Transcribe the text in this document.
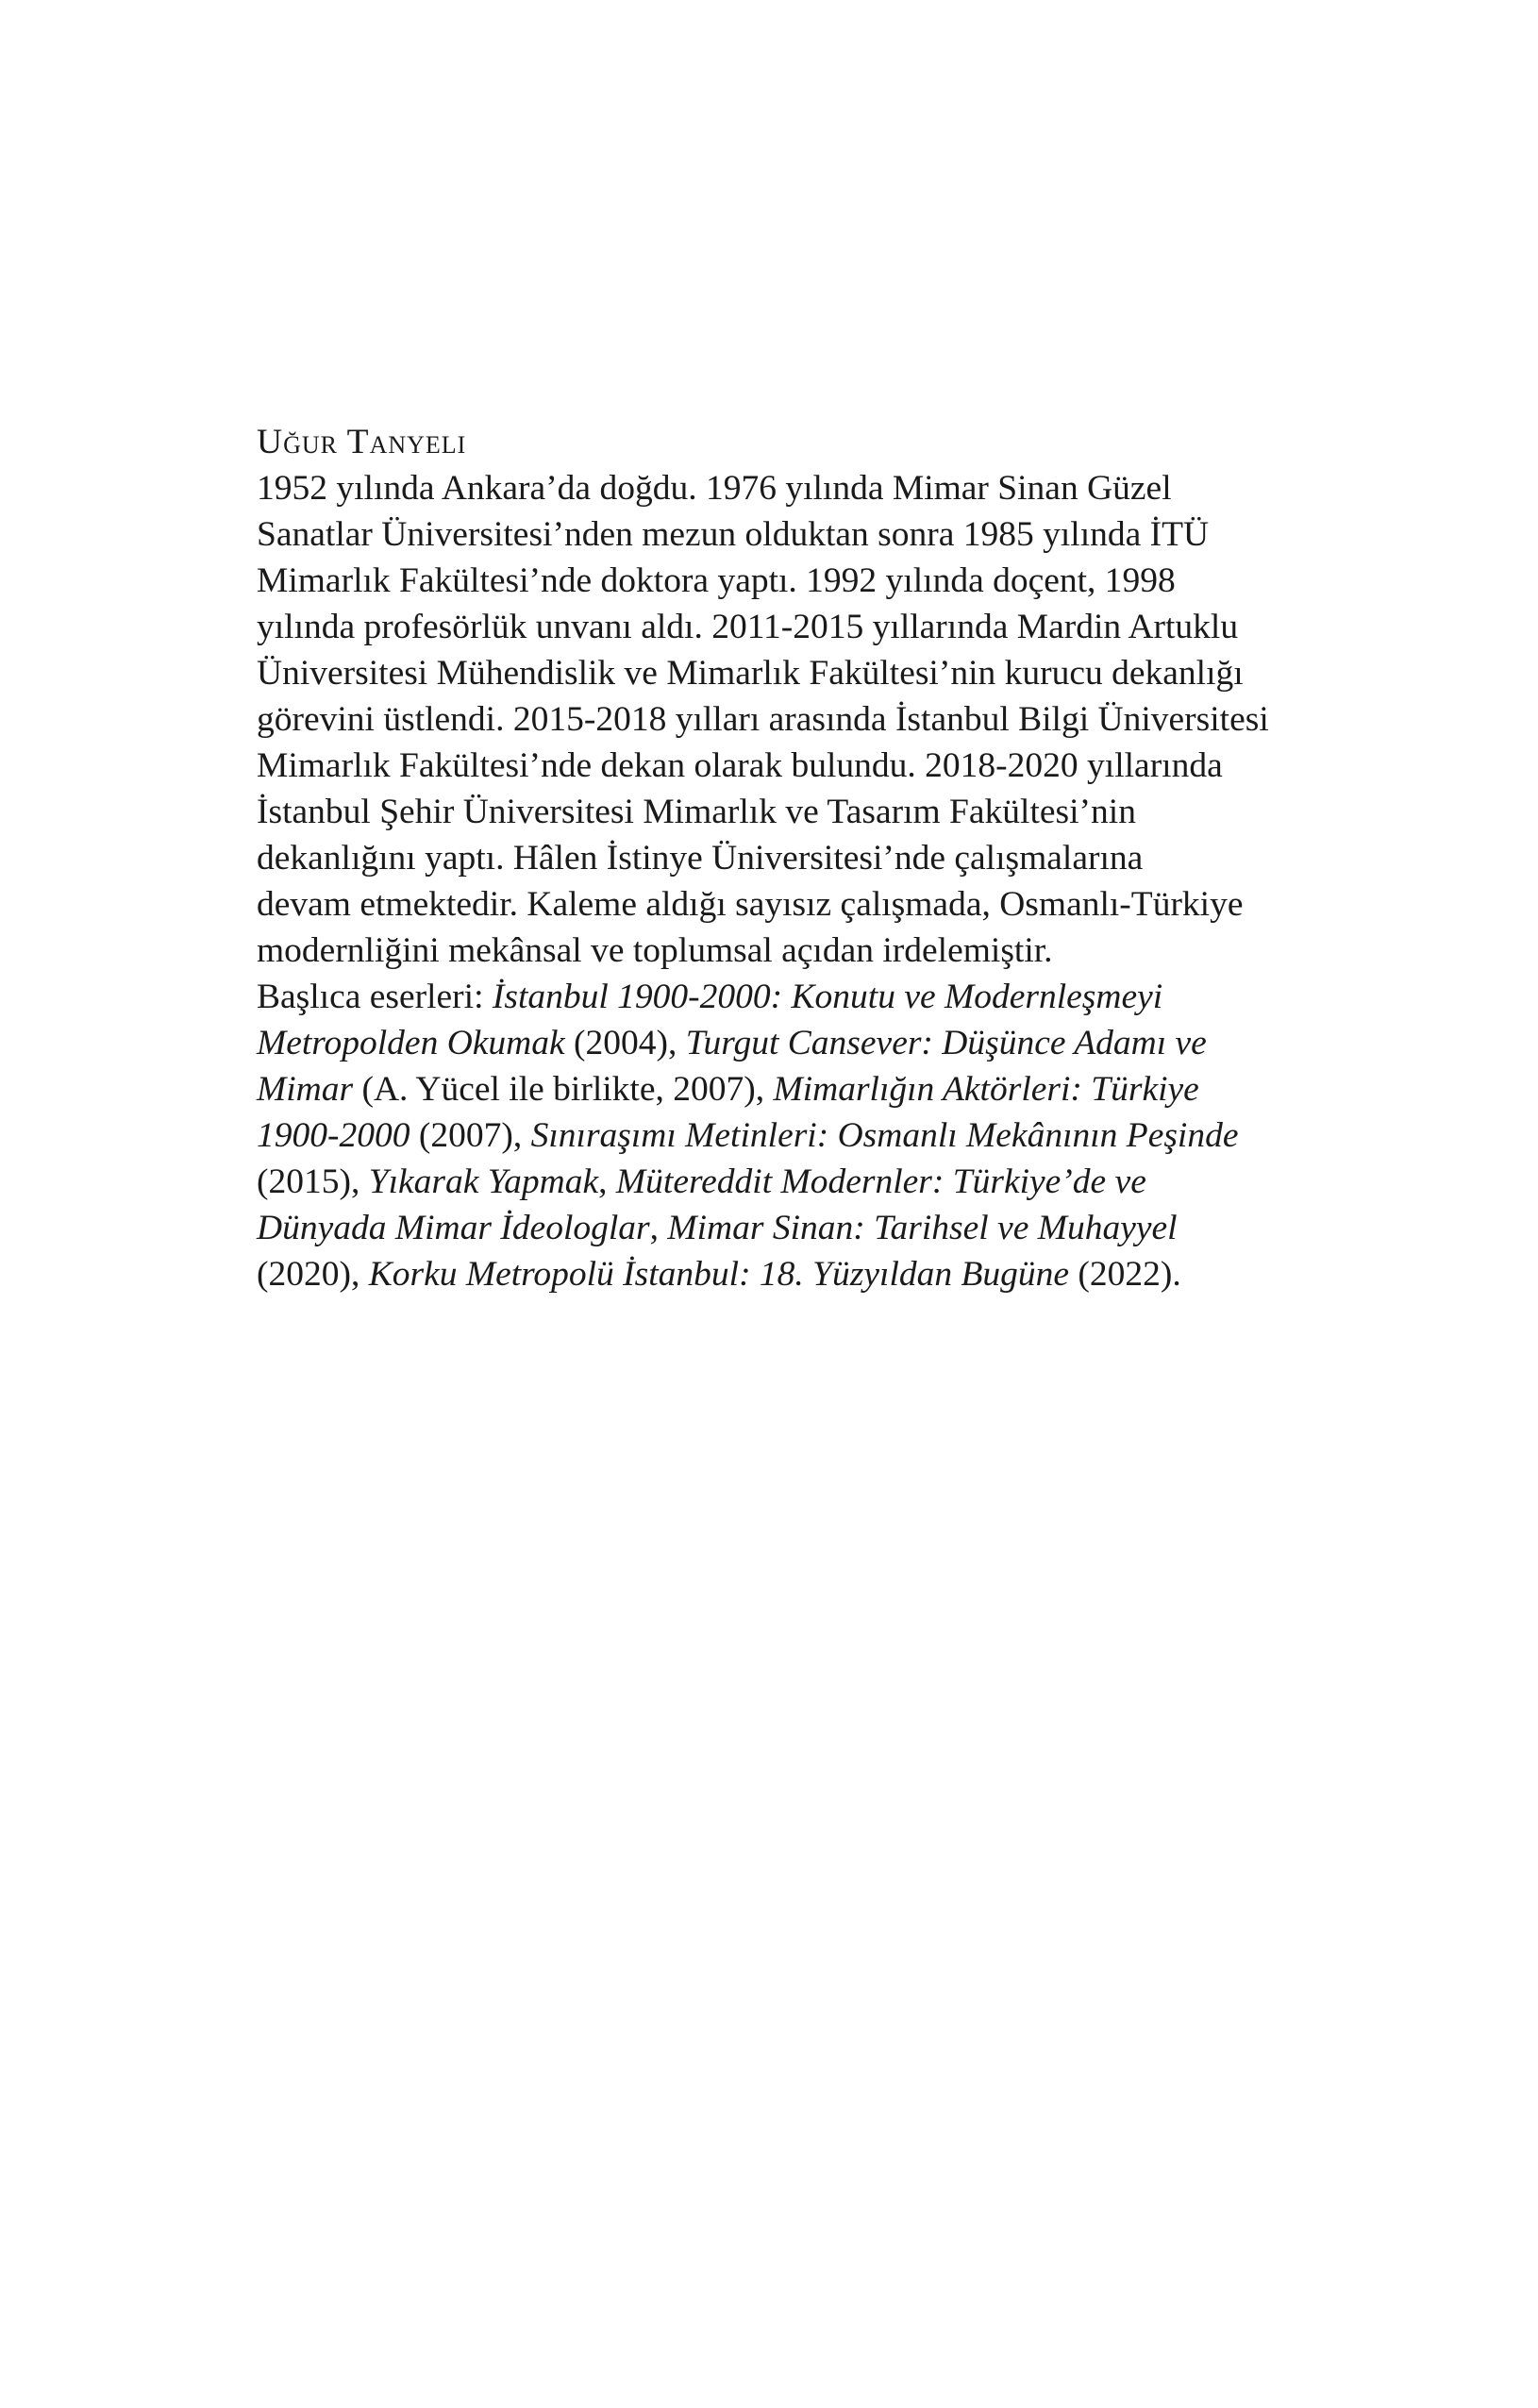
Uğur Tanyeli
1952 yılında Ankara’da doğdu. 1976 yılında Mimar Sinan Güzel
Sanatlar Üniversitesi’nden mezun olduktan sonra 1985 yılında İTÜ
Mimarlık Fakültesi’nde doktora yaptı. 1992 yılında doçent, 1998
yılında profesörlük unvanı aldı. 2011-2015 yıllarında Mardin Artuklu
Üniversitesi Mühendislik ve Mimarlık Fakültesi’nin kurucu dekanlığı
görevini üstlendi. 2015-2018 yılları arasında İstanbul Bilgi Üniversitesi
Mimarlık Fakültesi’nde dekan olarak bulundu. 2018-2020 yıllarında
İstanbul Şehir Üniversitesi Mimarlık ve Tasarım Fakültesi’nin
dekanlığını yaptı. Hâlen İstinye Üniversitesi’nde çalışmalarına
devam etmektedir. Kaleme aldığı sayısız çalışmada, Osmanlı-Türkiye
modernliğini mekânsal ve toplumsal açıdan irdelemiştir.
Başlıca eserleri: İstanbul 1900-2000: Konutu ve Modernleşmeyi
Metropolden Okumak (2004), Turgut Cansever: Düşünce Adamı ve
Mimar (A. Yücel ile birlikte, 2007), Mimarlığın Aktörleri: Türkiye
1900-2000 (2007), Sınıraşımı Metinleri: Osmanlı Mekânının Peşinde
(2015), Yıkarak Yapmak, Mütereddit Modernler: Türkiye’de ve
Dünyada Mimar İdeologlar, Mimar Sinan: Tarihsel ve Muhayyel
(2020), Korku Metropolü İstanbul: 18. Yüzyıldan Bugüne (2022).
